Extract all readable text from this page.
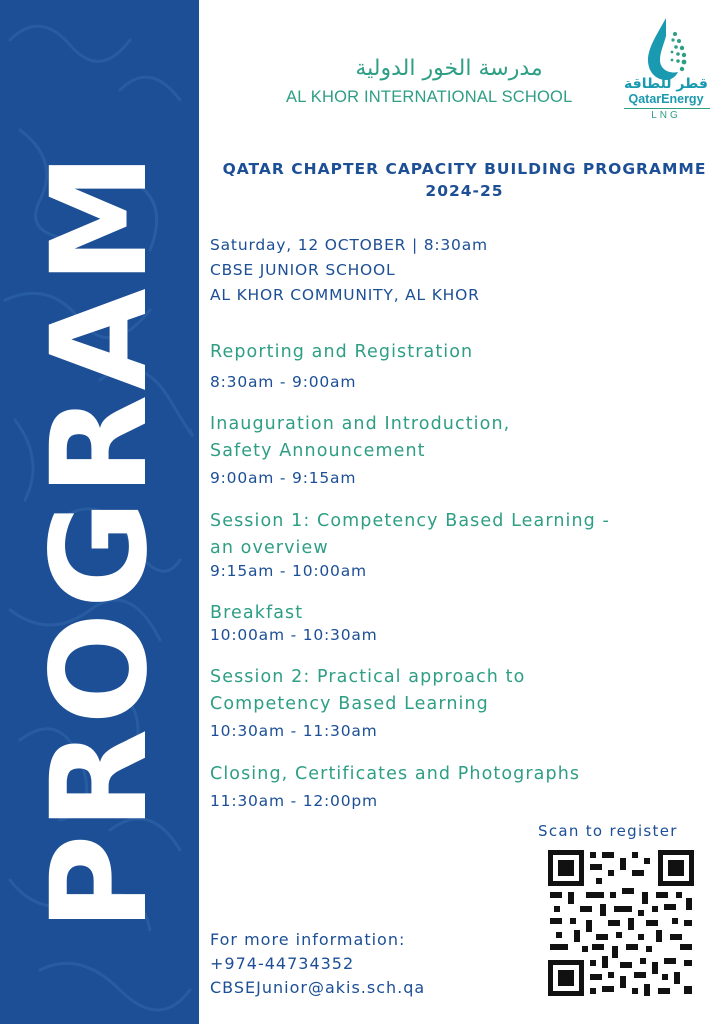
PROGRAM
مدرسة الخور الدولية
AL KHOR INTERNATIONAL SCHOOL
قطر للطاقة
QatarEnergy
LNG
QATAR CHAPTER CAPACITY BUILDING PROGRAMME
2024-25
Saturday, 12 OCTOBER | 8:30am
CBSE JUNIOR SCHOOL
AL KHOR COMMUNITY, AL KHOR
Reporting and Registration
8:30am - 9:00am
Inauguration and Introduction,
Safety Announcement
9:00am - 9:15am
Session 1: Competency Based Learning -
an overview
9:15am - 10:00am
Breakfast
10:00am - 10:30am
Session 2: Practical approach to
Competency Based Learning
10:30am - 11:30am
Closing, Certificates and Photographs
11:30am - 12:00pm
Scan to register
For more information:
+974-44734352
CBSEJunior@akis.sch.qa
